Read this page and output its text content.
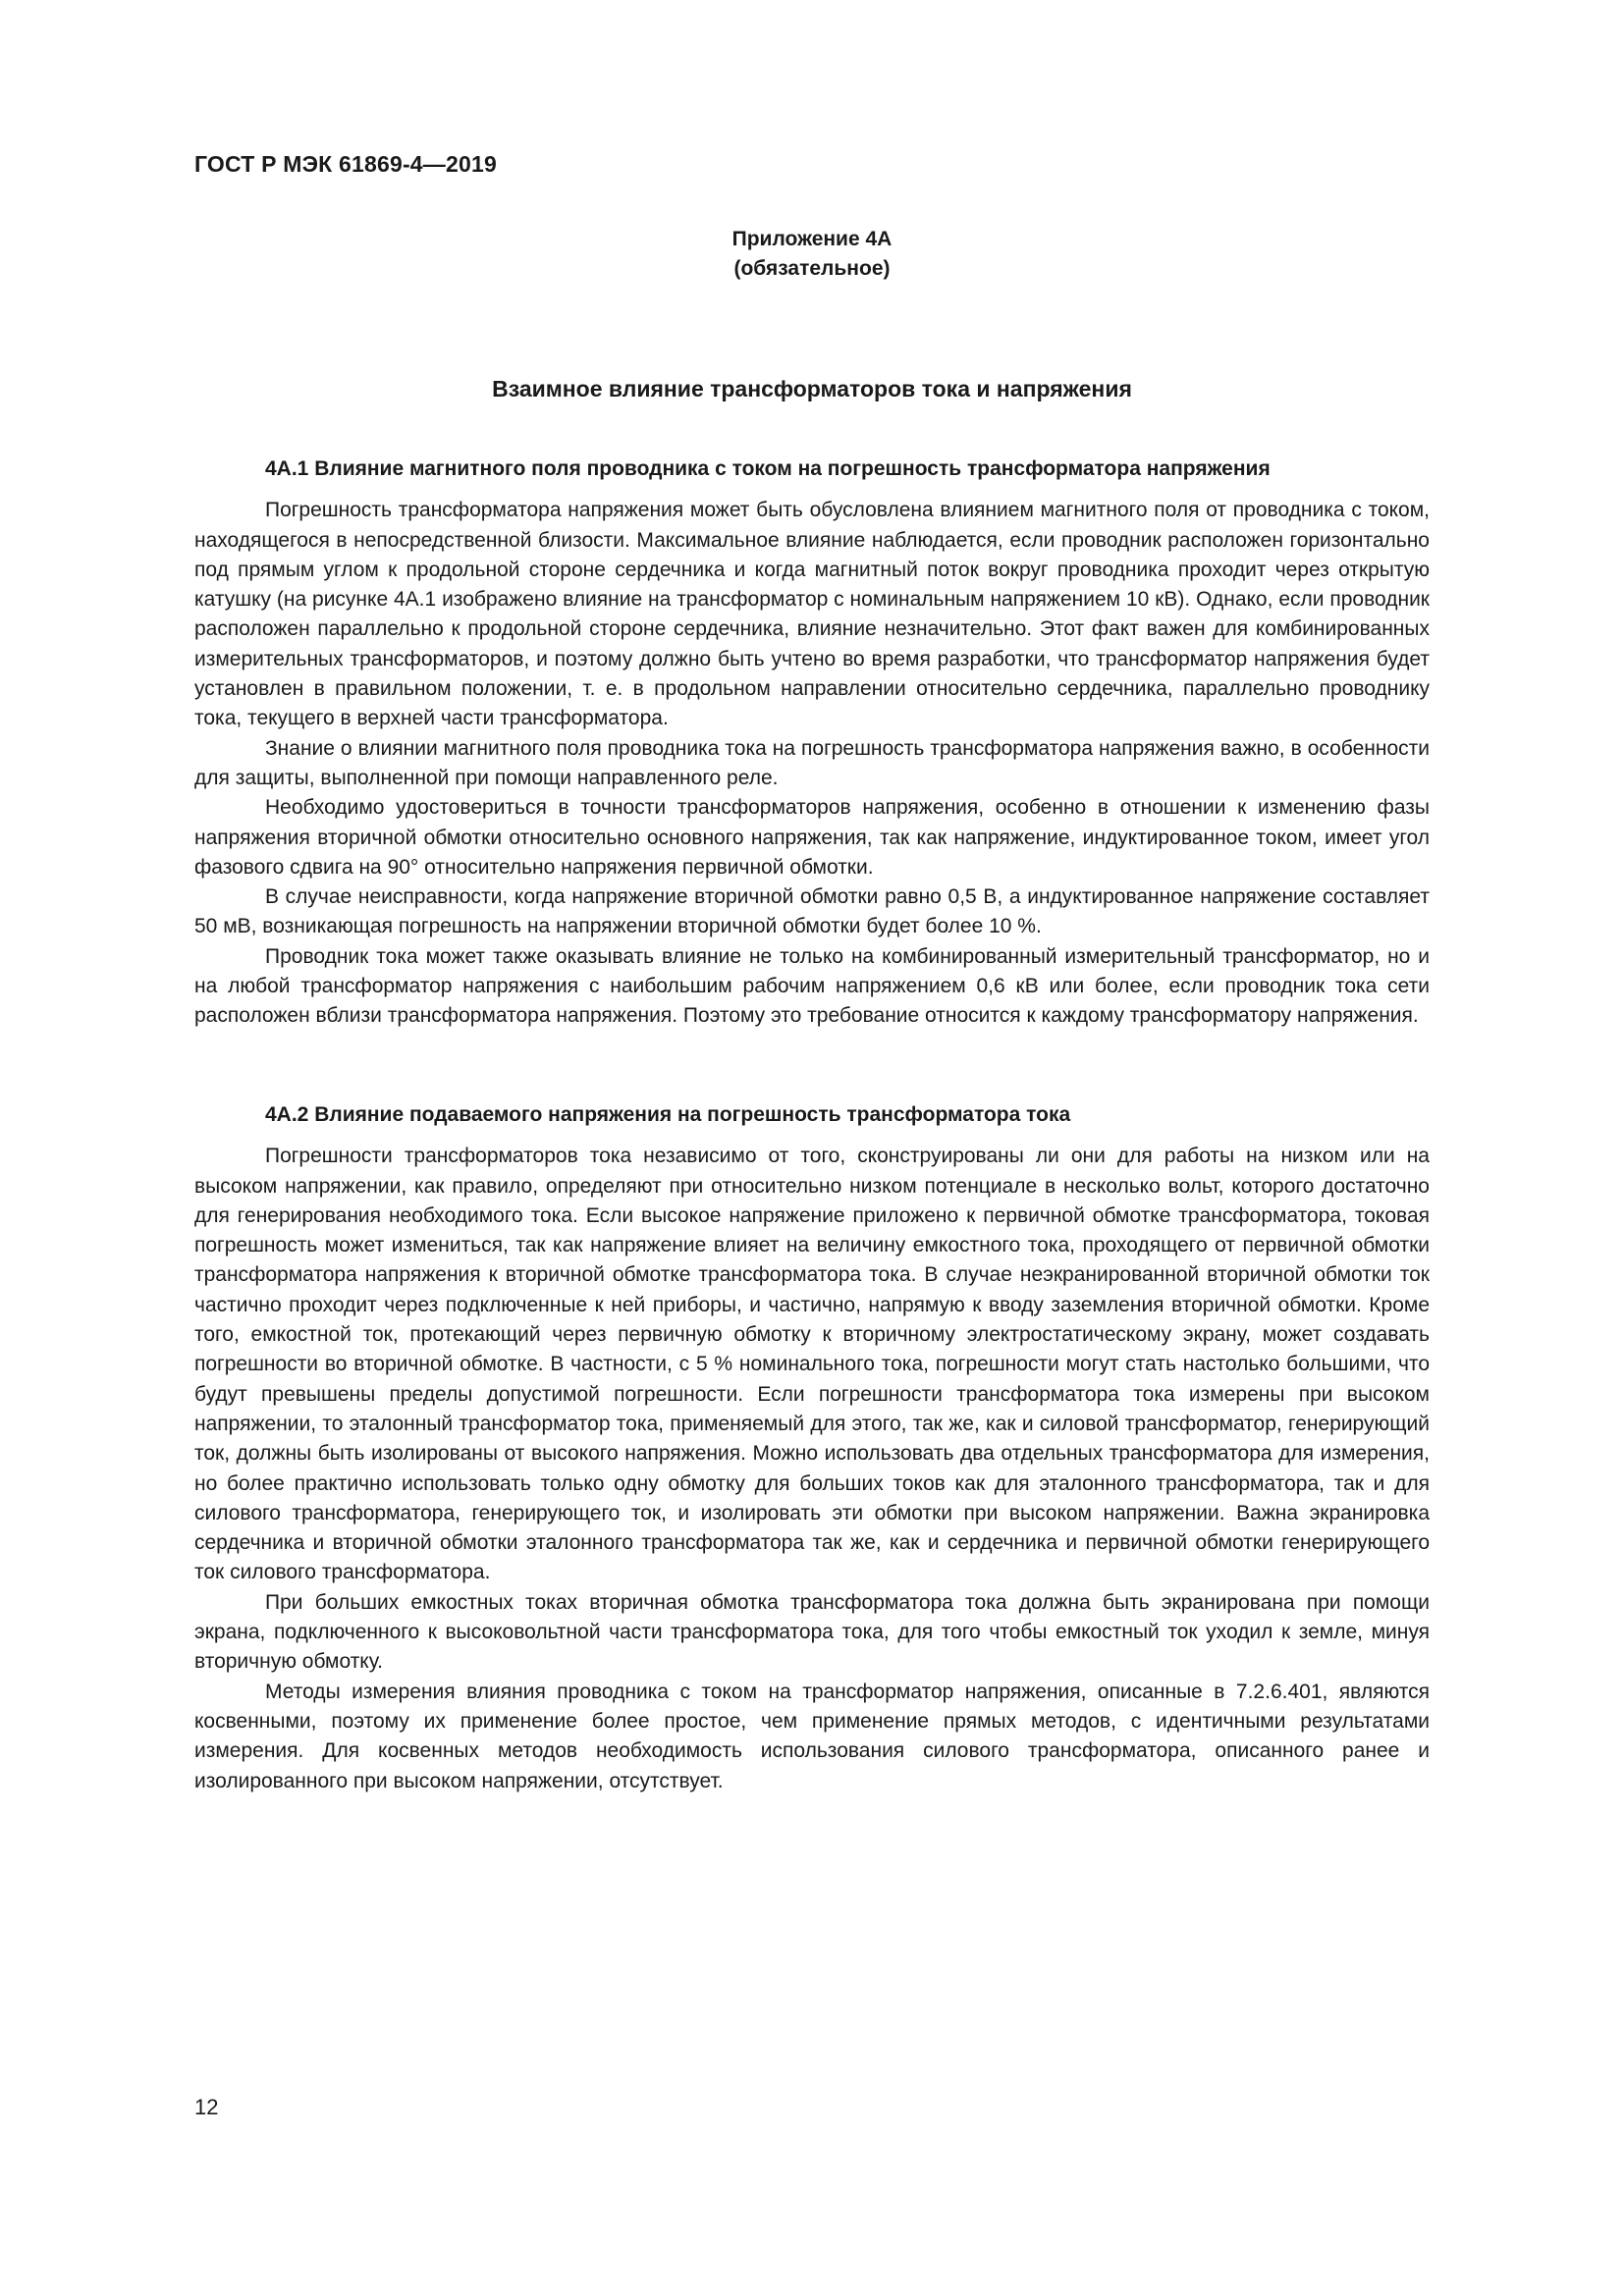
ГОСТ Р МЭК 61869-4—2019
Приложение 4А
(обязательное)
Взаимное влияние трансформаторов тока и напряжения
4А.1 Влияние магнитного поля проводника с током на погрешность трансформатора напряжения

Погрешность трансформатора напряжения может быть обусловлена влиянием магнитного поля от проводника с током, находящегося в непосредственной близости. Максимальное влияние наблюдается, если проводник расположен горизонтально под прямым углом к продольной стороне сердечника и когда магнитный поток вокруг проводника проходит через открытую катушку (на рисунке 4А.1 изображено влияние на трансформатор с номинальным напряжением 10 кВ). Однако, если проводник расположен параллельно к продольной стороне сердечника, влияние незначительно. Этот факт важен для комбинированных измерительных трансформаторов, и поэтому должно быть учтено во время разработки, что трансформатор напряжения будет установлен в правильном положении, т. е. в продольном направлении относительно сердечника, параллельно проводнику тока, текущего в верхней части трансформатора.

Знание о влиянии магнитного поля проводника тока на погрешность трансформатора напряжения важно, в особенности для защиты, выполненной при помощи направленного реле.

Необходимо удостовериться в точности трансформаторов напряжения, особенно в отношении к изменению фазы напряжения вторичной обмотки относительно основного напряжения, так как напряжение, индуктированное током, имеет угол фазового сдвига на 90° относительно напряжения первичной обмотки.

В случае неисправности, когда напряжение вторичной обмотки равно 0,5 В, а индуктированное напряжение составляет 50 мВ, возникающая погрешность на напряжении вторичной обмотки будет более 10 %.

Проводник тока может также оказывать влияние не только на комбинированный измерительный трансформатор, но и на любой трансформатор напряжения с наибольшим рабочим напряжением 0,6 кВ или более, если проводник тока сети расположен вблизи трансформатора напряжения. Поэтому это требование относится к каждому трансформатору напряжения.

4А.2 Влияние подаваемого напряжения на погрешность трансформатора тока

Погрешности трансформаторов тока независимо от того, сконструированы ли они для работы на низком или на высоком напряжении, как правило, определяют при относительно низком потенциале в несколько вольт, которого достаточно для генерирования необходимого тока. Если высокое напряжение приложено к первичной обмотке трансформатора, токовая погрешность может измениться, так как напряжение влияет на величину емкостного тока, проходящего от первичной обмотки трансформатора напряжения к вторичной обмотке трансформатора тока. В случае неэкранированной вторичной обмотки ток частично проходит через подключенные к ней приборы, и частично, напрямую к вводу заземления вторичной обмотки. Кроме того, емкостной ток, протекающий через первичную обмотку к вторичному электростатическому экрану, может создавать погрешности во вторичной обмотке. В частности, с 5 % номинального тока, погрешности могут стать настолько большими, что будут превышены пределы допустимой погрешности. Если погрешности трансформатора тока измерены при высоком напряжении, то эталонный трансформатор тока, применяемый для этого, так же, как и силовой трансформатор, генерирующий ток, должны быть изолированы от высокого напряжения. Можно использовать два отдельных трансформатора для измерения, но более практично использовать только одну обмотку для больших токов как для эталонного трансформатора, так и для силового трансформатора, генерирующего ток, и изолировать эти обмотки при высоком напряжении. Важна экранировка сердечника и вторичной обмотки эталонного трансформатора так же, как и сердечника и первичной обмотки генерирующего ток силового трансформатора.

При больших емкостных токах вторичная обмотка трансформатора тока должна быть экранирована при помощи экрана, подключенного к высоковольтной части трансформатора тока, для того чтобы емкостный ток уходил к земле, минуя вторичную обмотку.

Методы измерения влияния проводника с током на трансформатор напряжения, описанные в 7.2.6.401, являются косвенными, поэтому их применение более простое, чем применение прямых методов, с идентичными результатами измерения. Для косвенных методов необходимость использования силового трансформатора, описанного ранее и изолированного при высоком напряжении, отсутствует.

12
